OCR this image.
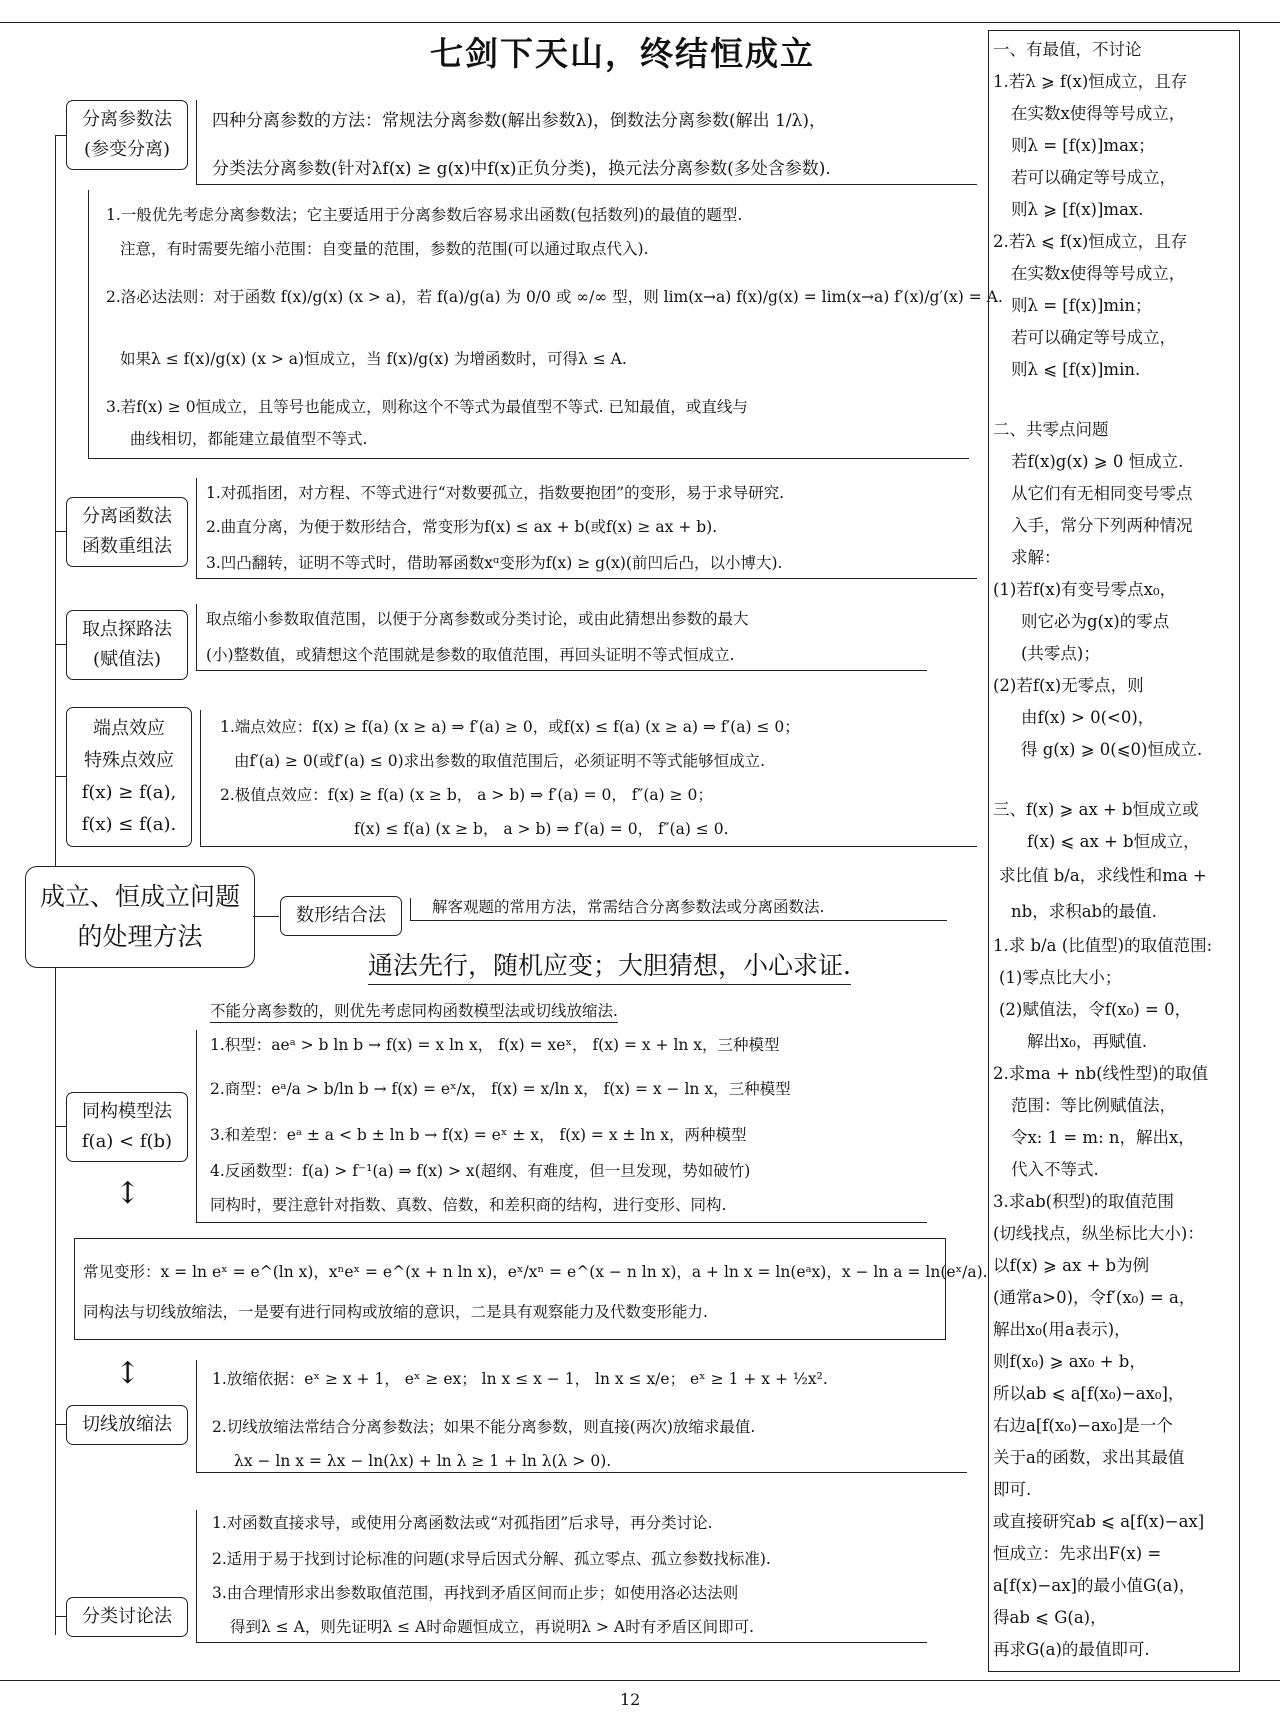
七剑下天山，终结恒成立
分离参数法
(参变分离)
四种分离参数的方法：常规法分离参数(解出参数λ)，倒数法分离参数(解出 1/λ)，
分类法分离参数(针对λf(x) ≥ g(x)中f(x)正负分类)，换元法分离参数(多处含参数).
1.一般优先考虑分离参数法；它主要适用于分离参数后容易求出函数(包括数列)的最值的题型.
注意，有时需要先缩小范围：自变量的范围，参数的范围(可以通过取点代入).
2.洛必达法则：对于函数 f(x)/g(x) (x > a)，若 f(a)/g(a) 为 0/0 或 ∞/∞ 型，则 lim(x→a) f(x)/g(x) = lim(x→a) f′(x)/g′(x) = A.
如果λ ≤ f(x)/g(x) (x > a)恒成立，当 f(x)/g(x) 为增函数时，可得λ ≤ A.
3.若f(x) ≥ 0恒成立，且等号也能成立，则称这个不等式为最值型不等式. 已知最值，或直线与
曲线相切，都能建立最值型不等式.
分离函数法
函数重组法
1.对孤指团，对方程、不等式进行“对数要孤立，指数要抱团”的变形，易于求导研究.
2.曲直分离，为便于数形结合，常变形为f(x) ≤ ax + b(或f(x) ≥ ax + b).
3.凹凸翻转，证明不等式时，借助幂函数xᵅ变形为f(x) ≥ g(x)(前凹后凸，以小博大).
取点探路法
(赋值法)
取点缩小参数取值范围，以便于分离参数或分类讨论，或由此猜想出参数的最大
(小)整数值，或猜想这个范围就是参数的取值范围，再回头证明不等式恒成立.
端点效应
特殊点效应
f(x) ≥ f(a),
f(x) ≤ f(a).
1.端点效应：f(x) ≥ f(a) (x ≥ a) ⇒ f′(a) ≥ 0，或f(x) ≤ f(a) (x ≥ a) ⇒ f′(a) ≤ 0；
由f′(a) ≥ 0(或f′(a) ≤ 0)求出参数的取值范围后，必须证明不等式能够恒成立.
2.极值点效应：f(x) ≥ f(a) (x ≥ b， a > b) ⇒ f′(a) = 0， f″(a) ≥ 0；
f(x) ≤ f(a) (x ≥ b， a > b) ⇒ f′(a) = 0， f″(a) ≤ 0.
成立、恒成立问题
的处理方法
数形结合法	解客观题的常用方法，常需结合分离参数法或分离函数法.
通法先行，随机应变；大胆猜想，小心求证.
不能分离参数的，则优先考虑同构函数模型法或切线放缩法.
同构模型法
f(a) < f(b)
1.积型：aeᵃ > b ln b → f(x) = x ln x， f(x) = xeˣ， f(x) = x + ln x，三种模型
2.商型：eᵃ/a > b/ln b → f(x) = eˣ/x， f(x) = x/ln x， f(x) = x − ln x，三种模型
3.和差型：eᵃ ± a < b ± ln b → f(x) = eˣ ± x， f(x) = x ± ln x，两种模型
4.反函数型：f(a) > f⁻¹(a) ⇒ f(x) > x(超纲、有难度，但一旦发现，势如破竹)
同构时，要注意针对指数、真数、倍数，和差积商的结构，进行变形、同构.
↕
↕
常见变形：x = ln eˣ = e^(ln x)，xⁿeˣ = e^(x + n ln x)，eˣ/xⁿ = e^(x − n ln x)，a + ln x = ln(eᵃx)，x − ln a = ln(eˣ/a).
同构法与切线放缩法，一是要有进行同构或放缩的意识，二是具有观察能力及代数变形能力.
切线放缩法
1.放缩依据：eˣ ≥ x + 1， eˣ ≥ ex； ln x ≤ x − 1， ln x ≤ x/e； eˣ ≥ 1 + x + ½x².
2.切线放缩法常结合分离参数法；如果不能分离参数，则直接(两次)放缩求最值.
λx − ln x = λx − ln(λx) + ln λ ≥ 1 + ln λ(λ > 0).
分类讨论法
1.对函数直接求导，或使用分离函数法或“对孤指团”后求导，再分类讨论.
2.适用于易于找到讨论标准的问题(求导后因式分解、孤立零点、孤立参数找标准).
3.由合理情形求出参数取值范围，再找到矛盾区间而止步；如使用洛必达法则
得到λ ≤ A，则先证明λ ≤ A时命题恒成立，再说明λ > A时有矛盾区间即可.
一、有最值，不讨论
1.若λ ⩾ f(x)恒成立，且存
在实数x使得等号成立，
则λ = [f(x)]max；
若可以确定等号成立，
则λ ⩾ [f(x)]max.
2.若λ ⩽ f(x)恒成立，且存
在实数x使得等号成立，
则λ = [f(x)]min；
若可以确定等号成立，
则λ ⩽ [f(x)]min.
二、共零点问题
若f(x)g(x) ⩾ 0 恒成立.
从它们有无相同变号零点
入手，常分下列两种情况
求解：
(1)若f(x)有变号零点x₀，
则它必为g(x)的零点
(共零点)；
(2)若f(x)无零点，则
由f(x) > 0(<0)，
得 g(x) ⩾ 0(⩽0)恒成立.
三、f(x) ⩾ ax + b恒成立或
f(x) ⩽ ax + b恒成立，
求比值 b/a，求线性和ma +
nb，求积ab的最值.
1.求 b/a (比值型)的取值范围:
(1)零点比大小；
(2)赋值法，令f(x₀) = 0，
解出x₀，再赋值.
2.求ma + nb(线性型)的取值
范围：等比例赋值法，
令x: 1 = m: n，解出x，
代入不等式.
3.求ab(积型)的取值范围
(切线找点，纵坐标比大小)：
以f(x) ⩾ ax + b为例
(通常a>0)，令f′(x₀) = a，
解出x₀(用a表示)，
则f(x₀) ⩾ ax₀ + b，
所以ab ⩽ a[f(x₀)−ax₀]，
右边a[f(x₀)−ax₀]是一个
关于a的函数，求出其最值
即可.
或直接研究ab ⩽ a[f(x)−ax]
恒成立：先求出F(x) =
a[f(x)−ax]的最小值G(a)，
得ab ⩽ G(a)，
再求G(a)的最值即可.
12
